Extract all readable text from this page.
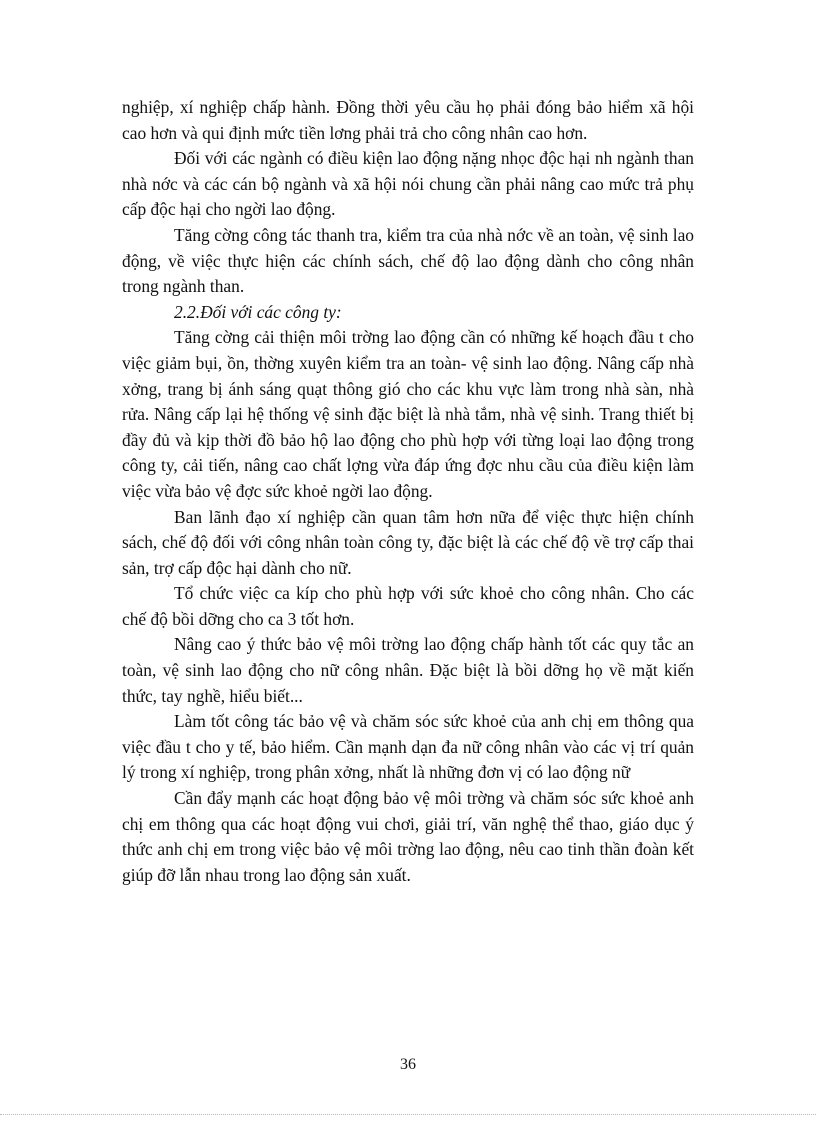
nghiệp, xí nghiệp chấp hành. Đồng thời yêu cầu họ phải đóng bảo hiểm xã hội cao hơn và qui định mức tiền lơng phải trả cho công nhân cao hơn.

Đối với các ngành có điều kiện lao động nặng nhọc độc hại nh ngành than nhà nớc và các cán bộ ngành và xã hội nói chung cần phải nâng cao mức trả phụ cấp độc hại cho ngời lao động.

Tăng cờng công tác thanh tra, kiểm tra của nhà nớc về an toàn, vệ sinh lao động, về việc thực hiện các chính sách, chế độ lao động dành cho công nhân trong ngành than.

2.2.Đối với các công ty:

Tăng cờng cải thiện môi trờng lao động cần có những kế hoạch đầu t cho việc giảm bụi, ồn, thờng xuyên kiểm tra an toàn- vệ sinh lao động. Nâng cấp nhà xởng, trang bị ánh sáng quạt thông gió cho các khu vực làm trong nhà sàn, nhà rửa. Nâng cấp lại hệ thống vệ sinh đặc biệt là nhà tắm, nhà vệ sinh. Trang thiết bị đầy đủ và kịp thời đồ bảo hộ lao động cho phù hợp với từng loại lao động trong công ty, cải tiến, nâng cao chất lợng vừa đáp ứng đợc nhu cầu của điều kiện làm việc vừa bảo vệ đợc sức khoẻ ngời lao động.

Ban lãnh đạo xí nghiệp cần quan tâm hơn nữa để việc thực hiện chính sách, chế độ đối với công nhân toàn công ty, đặc biệt là các chế độ về trợ cấp thai sản, trợ cấp độc hại dành cho nữ.

Tổ chức việc ca kíp cho phù hợp với sức khoẻ cho công nhân. Cho các chế độ bồi dỡng cho ca 3 tốt hơn.

Nâng cao ý thức bảo vệ môi trờng lao động chấp hành tốt các quy tắc an toàn, vệ sinh lao động cho nữ công nhân. Đặc biệt là bồi dỡng họ về mặt kiến thức, tay nghề, hiểu biết...

Làm tốt công tác bảo vệ và chăm sóc sức khoẻ của anh chị em thông qua việc đầu t cho y tế, bảo hiểm. Cần mạnh dạn đa nữ công nhân vào các vị trí quản lý trong xí nghiệp, trong phân xởng, nhất là những đơn vị có lao động nữ

Cần đẩy mạnh các hoạt động bảo vệ môi trờng và chăm sóc sức khoẻ anh chị em thông qua các hoạt động vui chơi, giải trí, văn nghệ thể thao, giáo dục ý thức anh chị em trong việc bảo vệ môi trờng lao động, nêu cao tinh thần đoàn kết giúp đỡ lẫn nhau trong lao động sản xuất.

36
